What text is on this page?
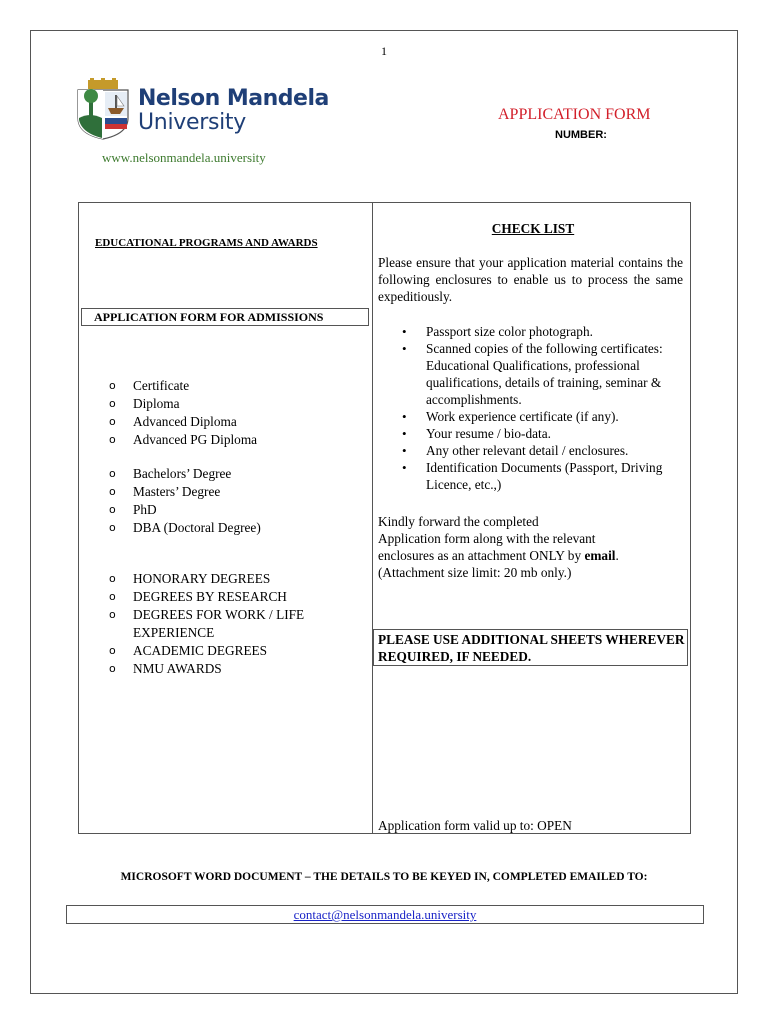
1
Nelson Mandela
University
www.nelsonmandela.university
APPLICATION FORM
NUMBER:
EDUCATIONAL PROGRAMS AND AWARDS
APPLICATION FORM FOR ADMISSIONS
o Certificate
o Diploma
o Advanced Diploma
o Advanced PG Diploma
o Bachelors’ Degree
o Masters’ Degree
o PhD
o DBA (Doctoral Degree)
o HONORARY DEGREES
o DEGREES BY RESEARCH
o DEGREES FOR WORK / LIFE EXPERIENCE
o ACADEMIC DEGREES
o NMU AWARDS
CHECK LIST
Please ensure that your application material contains the following enclosures to enable us to process the same expeditiously.
• Passport size color photograph.
• Scanned copies of the following certificates: Educational Qualifications, professional qualifications, details of training, seminar & accomplishments.
• Work experience certificate (if any).
• Your resume / bio-data.
• Any other relevant detail / enclosures.
• Identification Documents (Passport, Driving Licence, etc.,)
Kindly forward the completed
Application form along with the relevant
enclosures as an attachment ONLY by email.
(Attachment size limit: 20 mb only.)
PLEASE USE ADDITIONAL SHEETS WHEREVER REQUIRED, IF NEEDED.
Application form valid up to: OPEN
MICROSOFT WORD DOCUMENT – THE DETAILS TO BE KEYED IN, COMPLETED EMAILED TO:
contact@nelsonmandela.university
